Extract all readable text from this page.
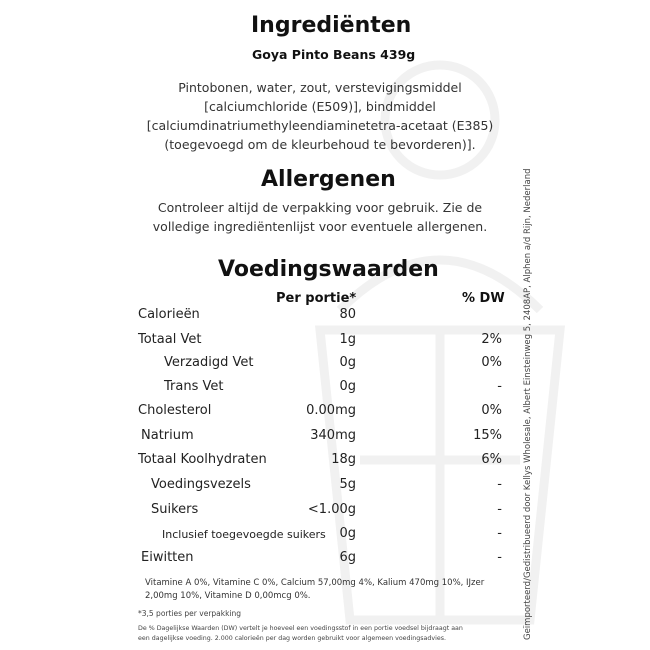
Ingrediënten
Goya Pinto Beans 439g
Pintobonen, water, zout, verstevigingsmiddel
[calciumchloride (E509)], bindmiddel
[calciumdinatriumethyleendiaminetetra-acetaat (E385)
(toegevoegd om de kleurbehoud te bevorderen)].
Allergenen
Controleer altijd de verpakking voor gebruik. Zie de
volledige ingrediëntenlijst voor eventuele allergenen.
Voedingswaarden
Per portie*	% DW
Calorieën	80
Totaal Vet	1g	2%
Verzadigd Vet	0g	0%
Trans Vet	0g	-
Cholesterol	0.00mg	0%
Natrium	340mg	15%
Totaal Koolhydraten	18g	6%
Voedingsvezels	5g	-
Suikers	<1.00g	-
Inclusief toegevoegde suikers 0g	-
Eiwitten	6g	-
Vitamine A 0%, Vitamine C 0%, Calcium 57,00mg 4%, Kalium 470mg 10%, IJzer
2,00mg 10%, Vitamine D 0,00mcg 0%.
*3,5 porties per verpakking
De % Dagelijkse Waarden (DW) vertelt je hoeveel een voedingsstof in een portie voedsel bijdraagt aan
een dagelijkse voeding. 2.000 calorieën per dag worden gebruikt voor algemeen voedingsadvies.	Geïmporteerd/Gedistribueerd door Kellys Wholesale, Albert Einsteinweg 5, 2408AP, Alphen a/d Rijn, Nederland
